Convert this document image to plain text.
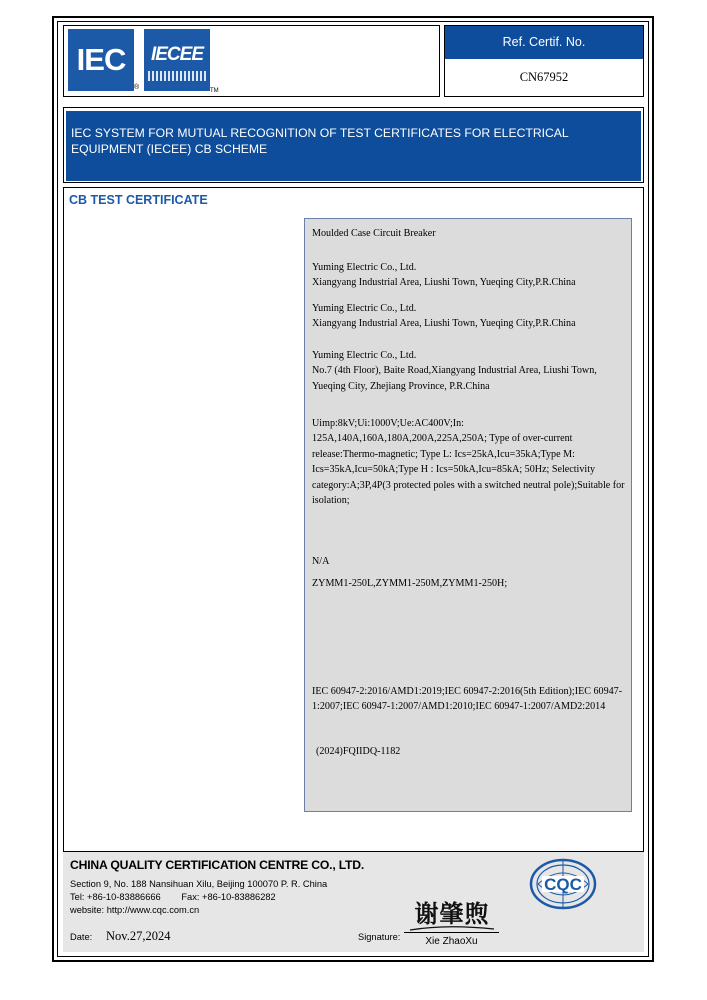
IEC
®
IECEE
TM
Ref. Certif. No.
CN67952
IEC SYSTEM FOR MUTUAL RECOGNITION OF TEST CERTIFICATES FOR ELECTRICAL EQUIPMENT (IECEE) CB SCHEME
CB TEST CERTIFICATE
Moulded Case Circuit Breaker
Yuming Electric Co., Ltd.
Xiangyang Industrial Area, Liushi Town, Yueqing City,P.R.China
Yuming Electric Co., Ltd.
Xiangyang Industrial Area, Liushi Town, Yueqing City,P.R.China
Yuming Electric Co., Ltd.
No.7 (4th Floor), Baite Road,Xiangyang Industrial Area, Liushi Town,
Yueqing City, Zhejiang Province, P.R.China
Uimp:8kV;Ui:1000V;Ue:AC400V;In: 125A,140A,160A,180A,200A,225A,250A; Type of over-current release:Thermo-magnetic; Type L: Ics=25kA,Icu=35kA;Type M: Ics=35kA,Icu=50kA;Type H : Ics=50kA,Icu=85kA; 50Hz; Selectivity category:A;3P,4P(3 protected poles with a switched neutral pole);Suitable for isolation;
N/A
ZYMM1-250L,ZYMM1-250M,ZYMM1-250H;
IEC 60947-2:2016/AMD1:2019;IEC 60947-2:2016(5th Edition);IEC 60947-1:2007;IEC 60947-1:2007/AMD1:2010;IEC 60947-1:2007/AMD2:2014
(2024)FQIIDQ-1182
CHINA QUALITY CERTIFICATION CENTRE CO., LTD.
Section 9, No. 188 Nansihuan Xilu, Beijing 100070 P. R. China
Tel: +86-10-83886666        Fax: +86-10-83886282
website: http://www.cqc.com.cn
CQC
Date: Nov.27,2024	Signature:
谢肇煦
Xie ZhaoXu
